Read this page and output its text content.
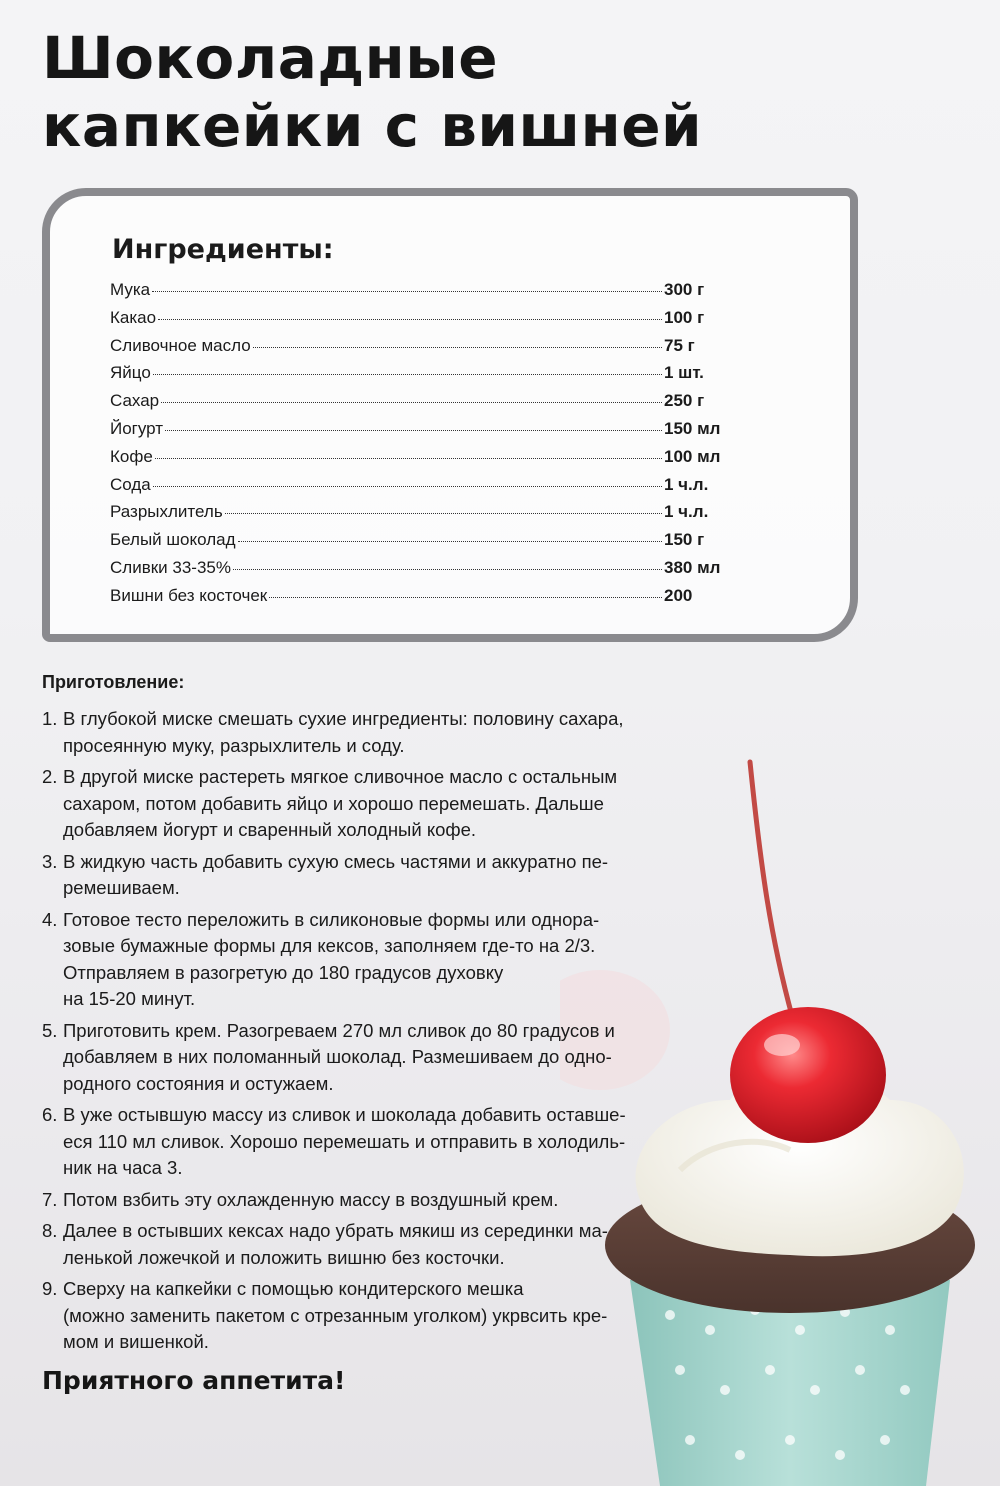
Шоколадные
капкейки с вишней
Ингредиенты:
Мука	300 г
Какао	100 г
Сливочное масло	75 г
Яйцо	1 шт.
Сахар	250 г
Йогурт	150 мл
Кофе	100 мл
Сода	1 ч.л.
Разрыхлитель	1 ч.л.
Белый шоколад	150 г
Сливки 33-35%	380 мл
Вишни без косточек	200
Приготовление:
1. В глубокой миске смешать сухие ингредиенты: половину сахара,
просеянную муку, разрыхлитель и соду.
2. В другой миске растереть мягкое сливочное масло с остальным
сахаром, потом добавить яйцо и хорошо перемешать. Дальше
добавляем йогурт и сваренный холодный кофе.
3. В жидкую часть добавить сухую смесь частями и аккуратно пе-
ремешиваем.
4. Готовое тесто переложить в силиконовые формы или однора-
зовые бумажные формы для кексов, заполняем где-то на 2/3.
Отправляем в разогретую до 180 градусов духовку
на 15-20 минут.
5. Приготовить крем. Разогреваем 270 мл сливок до 80 градусов и
добавляем в них поломанный шоколад. Размешиваем до одно-
родного состояния и остужаем.
6. В уже остывшую массу из сливок и шоколада добавить оставше-
еся 110 мл сливок. Хорошо перемешать и отправить в холодиль-
ник на часа 3.
7. Потом взбить эту охлажденную массу в воздушный крем.
8. Далее в остывших кексах надо убрать мякиш из серединки ма-
ленькой ложечкой и положить вишню без косточки.
9. Сверху на капкейки с помощью кондитерского мешка
(можно заменить пакетом с отрезанным уголком) укрвсить кре-
мом и вишенкой.

Приятного аппетита!
